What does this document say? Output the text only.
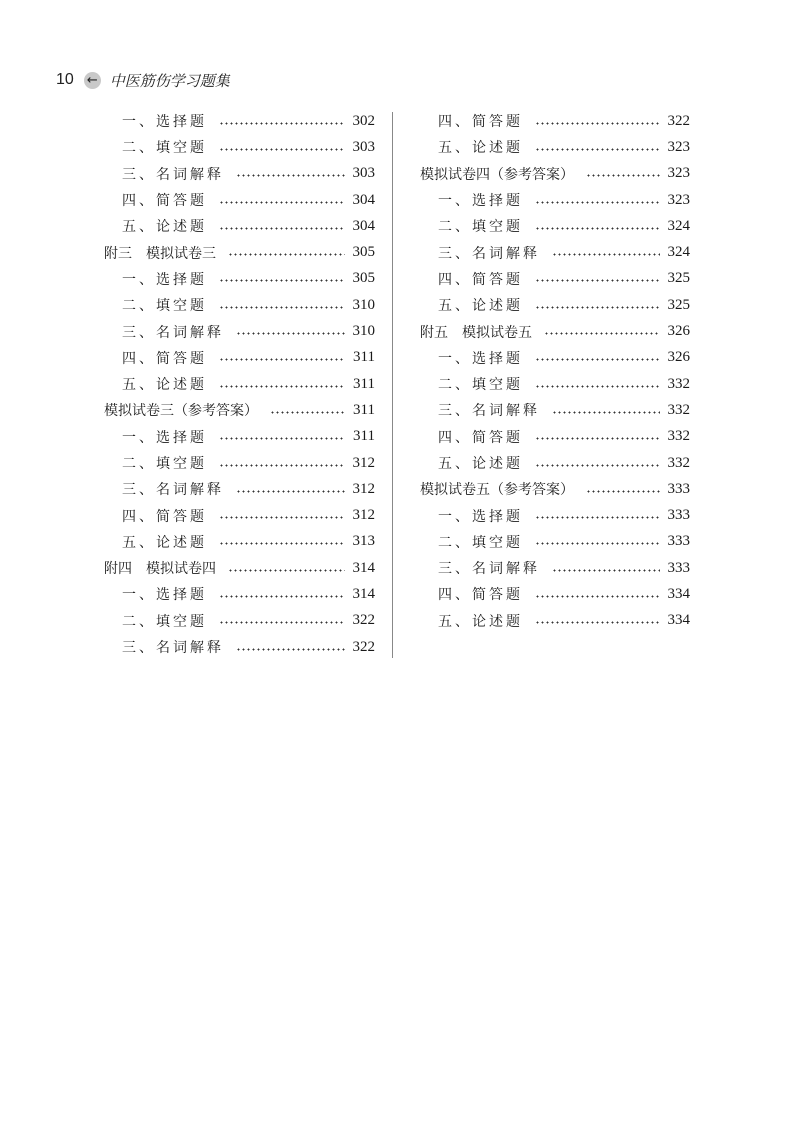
10 ← 中医筋伤学习题集
一、选择题	302
二、填空题	303
三、名词解释	303
四、简答题	304
五、论述题	304
附三　模拟试卷三	305
一、选择题	305
二、填空题	310
三、名词解释	310
四、简答题	311
五、论述题	311
模拟试卷三（参考答案）	311
一、选择题	311
二、填空题	312
三、名词解释	312
四、简答题	312
五、论述题	313
附四　模拟试卷四	314
一、选择题	314
二、填空题	322
三、名词解释	322
四、简答题	322
五、论述题	323
模拟试卷四（参考答案）	323
一、选择题	323
二、填空题	324
三、名词解释	324
四、简答题	325
五、论述题	325
附五　模拟试卷五	326
一、选择题	326
二、填空题	332
三、名词解释	332
四、简答题	332
五、论述题	332
模拟试卷五（参考答案）	333
一、选择题	333
二、填空题	333
三、名词解释	333
四、简答题	334
五、论述题	334
